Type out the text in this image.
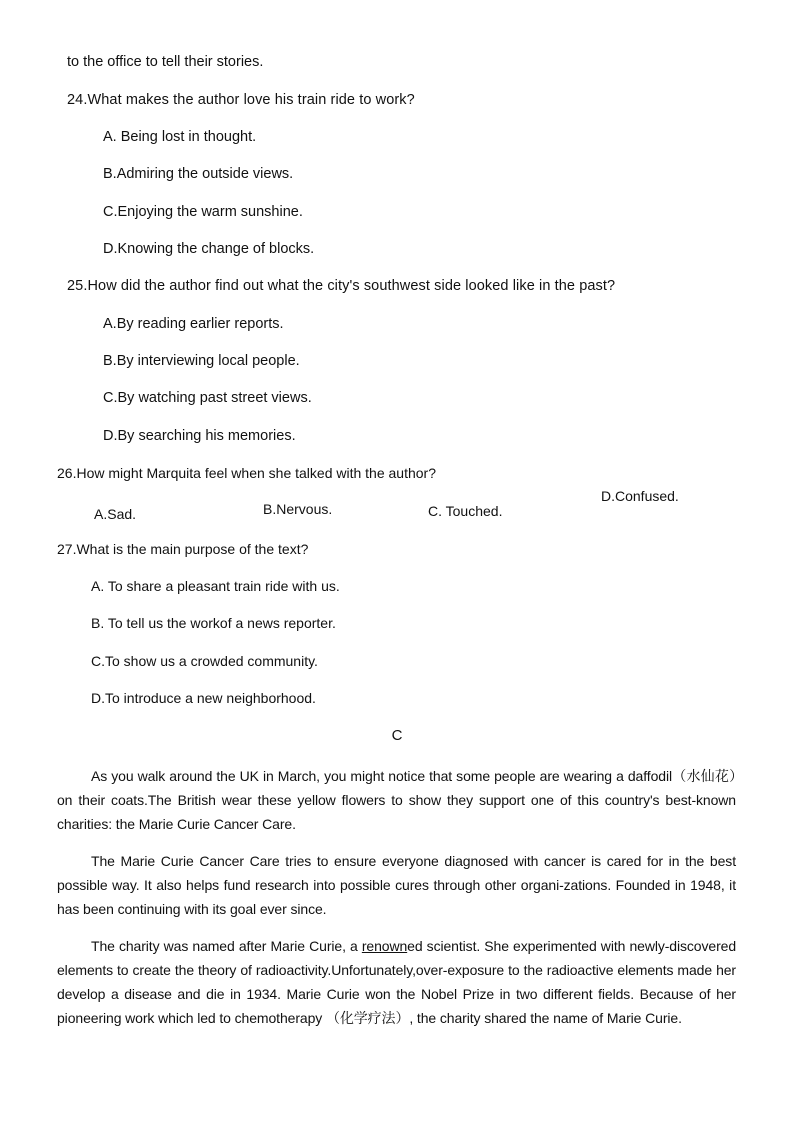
to the office to tell their stories.
24.What makes the author love his train ride to work?
A. Being lost in thought.
B.Admiring the outside views.
C.Enjoying the warm sunshine.
D.Knowing the change of blocks.
25.How did the author find out what the city's southwest side looked like in the past?
A.By reading earlier reports.
B.By interviewing local people.
C.By watching past street views.
D.By searching his memories.
26.How might Marquita feel when she talked with the author?
A.Sad.	B.Nervous.	C. Touched.
D.Confused.
27.What is the main purpose of the text?
A. To share a pleasant train ride with us.
B. To tell us the workof a news reporter.
C.To show us a crowded community.
D.To introduce a new neighborhood.
C
As you walk around the UK in March, you might notice that some people are wearing a daffodil（水仙花）on their coats.The British wear these yellow flowers to show they support one of this country's best-known charities: the Marie Curie Cancer Care.
The Marie Curie Cancer Care tries to ensure everyone diagnosed with cancer is cared for in the best possible way. It also helps fund research into possible cures through other organi-zations. Founded in 1948, it has been continuing with its goal ever since.
The charity was named after Marie Curie, a renowned scientist. She experimented with newly-discovered elements to create the theory of radioactivity.Unfortunately,over-exposure to the radioactive elements made her develop a disease and die in 1934. Marie Curie won the Nobel Prize in two different fields. Because of her pioneering work which led to chemotherapy （化学疗法）, the charity shared the name of Marie Curie.
